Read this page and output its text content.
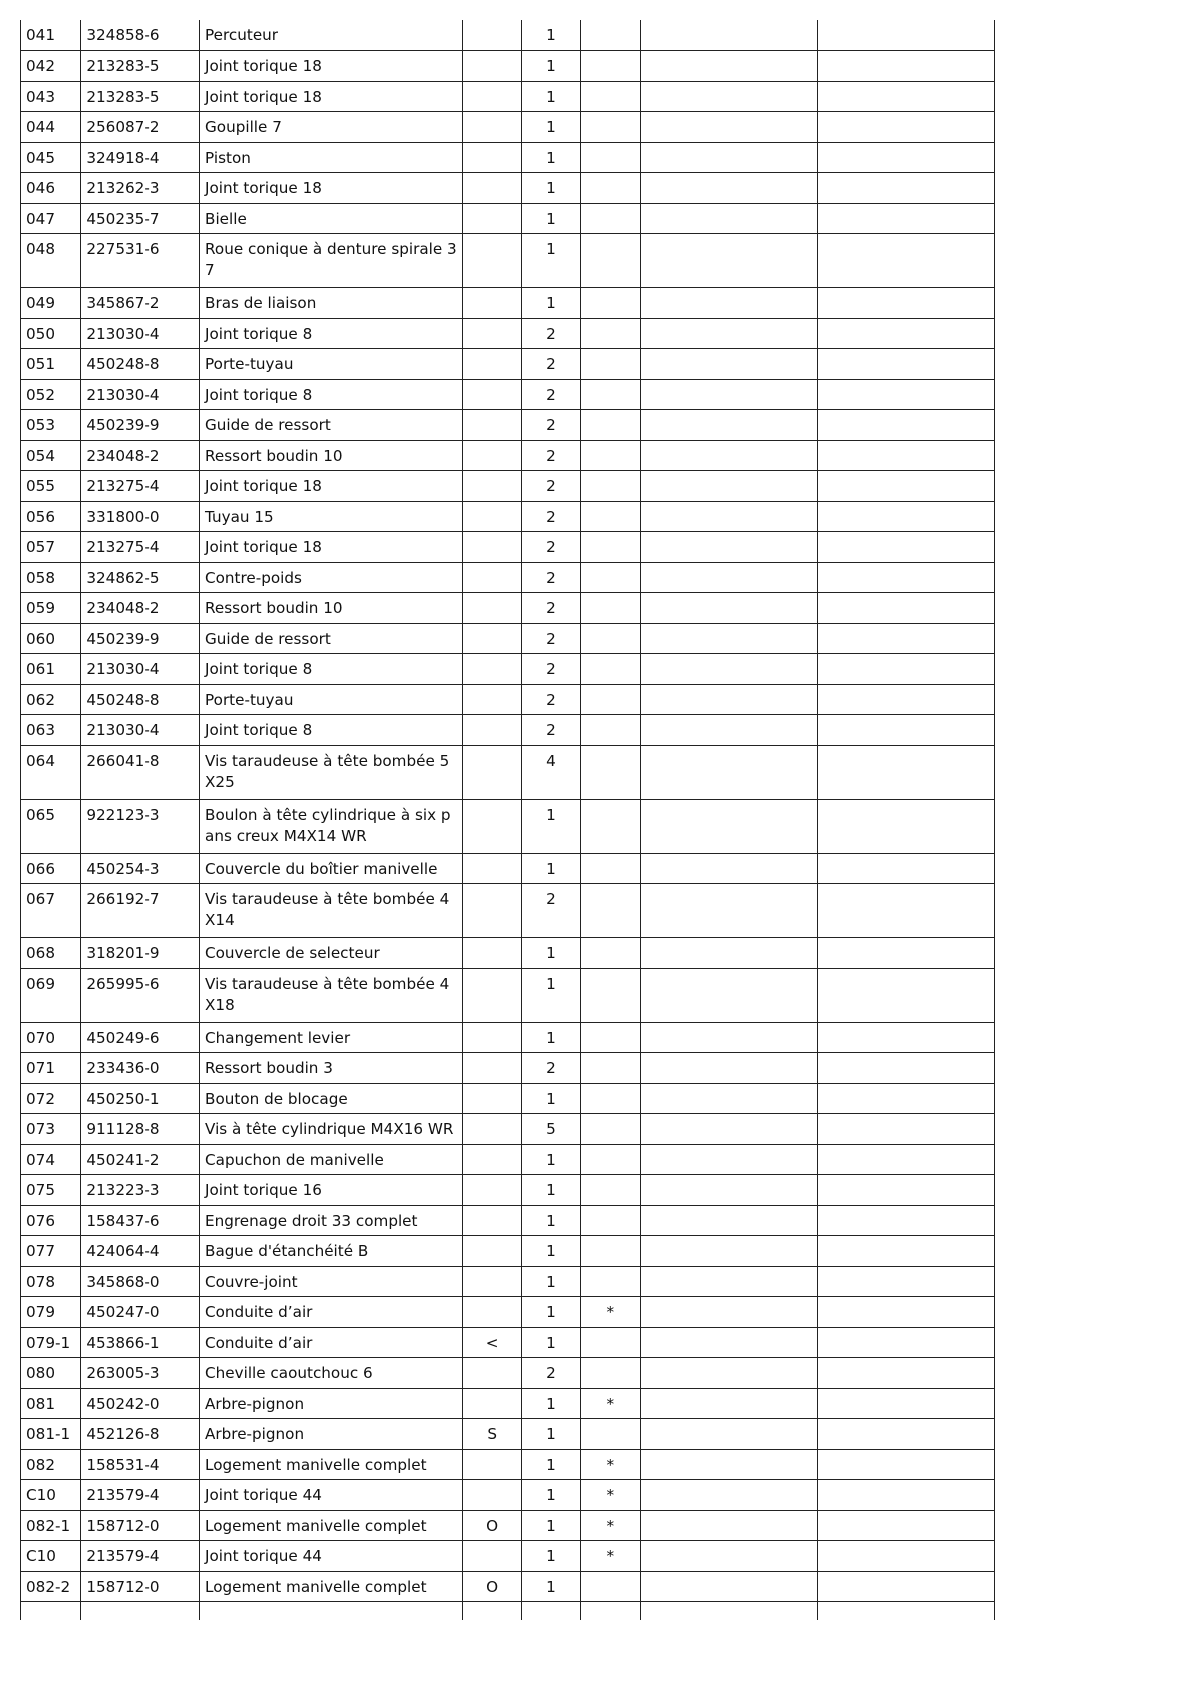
041	324858-6	Percuteur		1			
042	213283-5	Joint torique 18		1			
043	213283-5	Joint torique 18		1			
044	256087-2	Goupille 7		1			
045	324918-4	Piston		1			
046	213262-3	Joint torique 18		1			
047	450235-7	Bielle		1			
048	227531-6	Roue conique à denture spirale 37		1			
049	345867-2	Bras de liaison		1			
050	213030-4	Joint torique 8		2			
051	450248-8	Porte-tuyau		2			
052	213030-4	Joint torique 8		2			
053	450239-9	Guide de ressort		2			
054	234048-2	Ressort boudin 10		2			
055	213275-4	Joint torique 18		2			
056	331800-0	Tuyau 15		2			
057	213275-4	Joint torique 18		2			
058	324862-5	Contre-poids		2			
059	234048-2	Ressort boudin 10		2			
060	450239-9	Guide de ressort		2			
061	213030-4	Joint torique 8		2			
062	450248-8	Porte-tuyau		2			
063	213030-4	Joint torique 8		2			
064	266041-8	Vis taraudeuse à tête bombée 5X25		4			
065	922123-3	Boulon à tête cylindrique à six pans creux M4X14 WR		1			
066	450254-3	Couvercle du boîtier manivelle		1			
067	266192-7	Vis taraudeuse à tête bombée 4X14		2			
068	318201-9	Couvercle de selecteur		1			
069	265995-6	Vis taraudeuse à tête bombée 4X18		1			
070	450249-6	Changement levier		1			
071	233436-0	Ressort boudin 3		2			
072	450250-1	Bouton de blocage		1			
073	911128-8	Vis à tête cylindrique M4X16 WR		5			
074	450241-2	Capuchon de manivelle		1			
075	213223-3	Joint torique 16		1			
076	158437-6	Engrenage droit 33 complet		1			
077	424064-4	Bague d'étanchéité B		1			
078	345868-0	Couvre-joint		1			
079	450247-0	Conduite d’air		1	*		
079-1	453866-1	Conduite d’air	<	1			
080	263005-3	Cheville caoutchouc 6		2			
081	450242-0	Arbre-pignon		1	*		
081-1	452126-8	Arbre-pignon	S	1			
082	158531-4	Logement manivelle complet		1	*		
C10	213579-4	Joint torique 44		1	*		
082-1	158712-0	Logement manivelle complet	O	1	*		
C10	213579-4	Joint torique 44		1	*		
082-2	158712-0	Logement manivelle complet	O	1			
